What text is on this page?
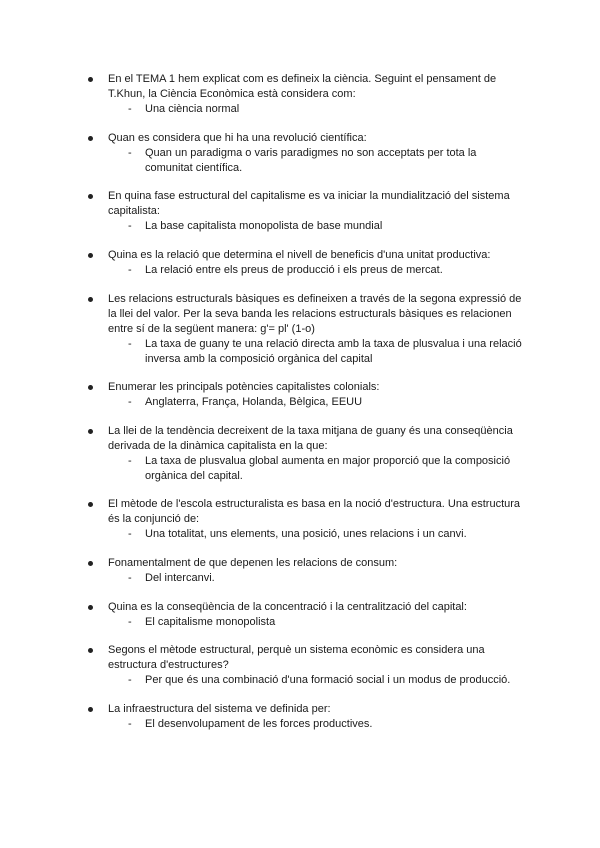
En el TEMA 1 hem explicat com es defineix la ciència. Seguint el pensament de T.Khun, la Ciència Econòmica està considera com:

- Una ciència normal

Quan es considera que hi ha una revolució científica:

- Quan un paradigma o varis paradigmes no son acceptats per tota la comunitat científica.

En quina fase estructural del capitalisme es va iniciar la mundialització del sistema capitalista:

- La base capitalista monopolista de base mundial

Quina es la relació que determina el nivell de beneficis d'una unitat productiva:

- La relació entre els preus de producció i els preus de mercat.

Les relacions estructurals bàsiques es defineixen a través de la segona expressió de la llei del valor. Per la seva banda les relacions estructurals bàsiques es relacionen entre sí de la següent manera: g'= pl' (1-o)

- La taxa de guany te una relació directa amb la taxa de plusvalua i una relació inversa amb la composició orgànica del capital

Enumerar les principals potències capitalistes colonials:

- Anglaterra, França, Holanda, Bèlgica, EEUU

La llei de la tendència decreixent de la taxa mitjana de guany és una conseqüència derivada de la dinàmica capitalista en la que:

- La taxa de plusvalua global aumenta en major proporció que la composició orgànica del capital.

El mètode de l'escola estructuralista es basa en la noció d'estructura. Una estructura és la conjunció de:

- Una totalitat, uns elements, una posició, unes relacions i un canvi.

Fonamentalment de que depenen les relacions de consum:

- Del intercanvi.

Quina es la conseqüència de la concentració i la centralització del capital:

- El capitalisme monopolista

Segons el mètode estructural, perquè un sistema econòmic es considera una estructura d'estructures?

- Per que és una combinació d'una formació social i un modus de producció.

La infraestructura del sistema ve definida per:

- El desenvolupament de les forces productives.
